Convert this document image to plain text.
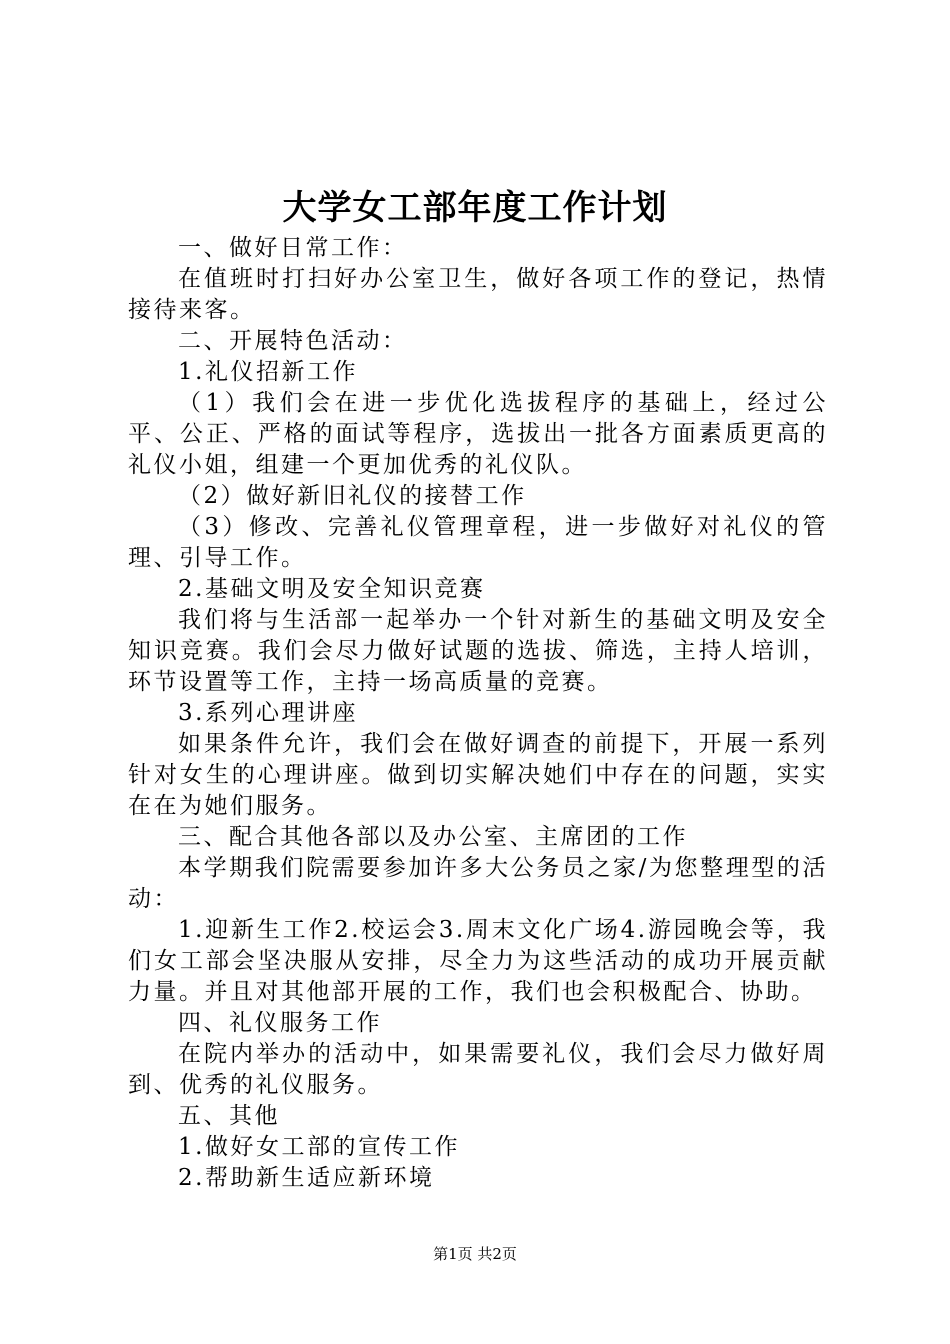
大学女工部年度工作计划

一、做好日常工作：

在值班时打扫好办公室卫生，做好各项工作的登记，热情接待来客。

二、开展特色活动：

1.礼仪招新工作

（1）我们会在进一步优化选拔程序的基础上，经过公平、公正、严格的面试等程序，选拔出一批各方面素质更高的礼仪小姐，组建一个更加优秀的礼仪队。

（2）做好新旧礼仪的接替工作

（3）修改、完善礼仪管理章程，进一步做好对礼仪的管理、引导工作。

2.基础文明及安全知识竞赛

我们将与生活部一起举办一个针对新生的基础文明及安全知识竞赛。我们会尽力做好试题的选拔、筛选，主持人培训，环节设置等工作，主持一场高质量的竞赛。

3.系列心理讲座

如果条件允许，我们会在做好调查的前提下，开展一系列针对女生的心理讲座。做到切实解决她们中存在的问题，实实在在为她们服务。

三、配合其他各部以及办公室、主席团的工作

本学期我们院需要参加许多大公务员之家/为您整理型的活动：

1.迎新生工作2.校运会3.周末文化广场4.游园晚会等，我们女工部会坚决服从安排，尽全力为这些活动的成功开展贡献力量。并且对其他部开展的工作，我们也会积极配合、协助。

四、礼仪服务工作

在院内举办的活动中，如果需要礼仪，我们会尽力做好周到、优秀的礼仪服务。

五、其他

1.做好女工部的宣传工作

2.帮助新生适应新环境

第1页 共2页
